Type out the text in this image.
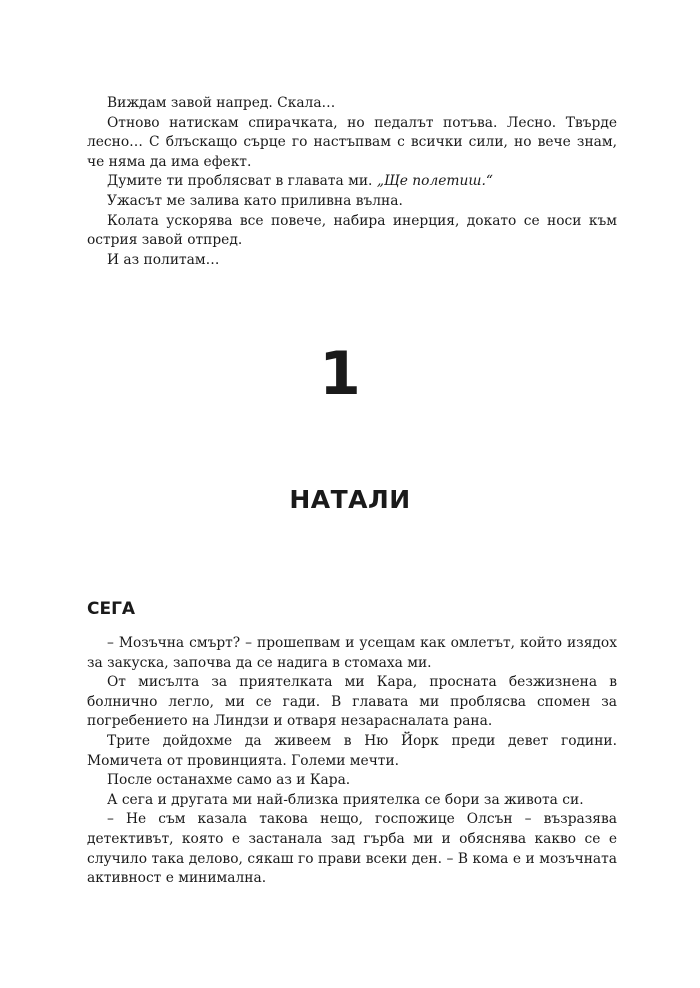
Виждам завой напред. Скала…

Отново натискам спирачката, но педалът потъва. Лесно. Твърде лесно… С блъскащо сърце го настъпвам с всички сили, но вече знам, че няма да има ефект.

Думите ти проблясват в главата ми. „Ще полетиш.“

Ужасът ме залива като приливна вълна.

Колата ускорява все повече, набира инерция, докато се носи към острия завой отпред.

И аз политам…

1
НАТАЛИ
СЕГА

– Мозъчна смърт? – прошепвам и усещам как омлетът, който изядох за закуска, започва да се надига в стомаха ми.

От мисълта за приятелката ми Кара, просната безжизнена в болнично легло, ми се гади. В главата ми проблясва спомен за погребението на Линдзи и отваря незарасналата рана.

Трите дойдохме да живеем в Ню Йорк преди девет години. Момичета от провинцията. Големи мечти.

После останахме само аз и Кара.

А сега и другата ми най-близка приятелка се бори за живота си.

– Не съм казала такова нещо, госпожице Олсън – възразява детективът, която е застанала зад гърба ми и обяснява какво се е случило така делово, сякаш го прави всеки ден. – В кома е и мозъчната активност е минимална.
